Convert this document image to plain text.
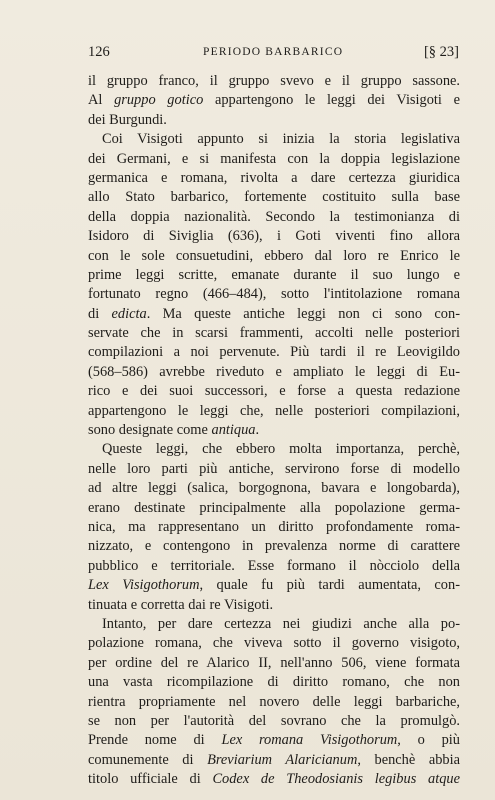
126	PERIODO BARBARICO	[§ 23]
il gruppo franco, il gruppo svevo e il gruppo sassone.
Al gruppo gotico appartengono le leggi dei Visigoti e
dei Burgundi.
Coi Visigoti appunto si inizia la storia legislativa
dei Germani, e si manifesta con la doppia legislazione
germanica e romana, rivolta a dare certezza giuridica
allo Stato barbarico, fortemente costituito sulla base
della doppia nazionalità. Secondo la testimonianza di
Isidoro di Siviglia (636), i Goti viventi fino allora
con le sole consuetudini, ebbero dal loro re Enrico le
prime leggi scritte, emanate durante il suo lungo e
fortunato regno (466–484), sotto l'intitolazione romana
di edicta. Ma queste antiche leggi non ci sono con-
servate che in scarsi frammenti, accolti nelle posteriori
compilazioni a noi pervenute. Più tardi il re Leovigildo
(568–586) avrebbe riveduto e ampliato le leggi di Eu-
rico e dei suoi successori, e forse a questa redazione
appartengono le leggi che, nelle posteriori compilazioni,
sono designate come antiqua.
Queste leggi, che ebbero molta importanza, perchè,
nelle loro parti più antiche, servirono forse di modello
ad altre leggi (salica, borgognona, bavara e longobarda),
erano destinate principalmente alla popolazione germa-
nica, ma rappresentano un diritto profondamente roma-
nizzato, e contengono in prevalenza norme di carattere
pubblico e territoriale. Esse formano il nòcciolo della
Lex Visigothorum, quale fu più tardi aumentata, con-
tinuata e corretta dai re Visigoti.
Intanto, per dare certezza nei giudizi anche alla po-
polazione romana, che viveva sotto il governo visigoto,
per ordine del re Alarico II, nell'anno 506, viene formata
una vasta ricompilazione di diritto romano, che non
rientra propriamente nel novero delle leggi barbariche,
se non per l'autorità del sovrano che la promulgò.
Prende nome di Lex romana Visigothorum, o più
comunemente di Breviarium Alaricianum, benchè abbia
titolo ufficiale di Codex de Theodosianis legibus atque
